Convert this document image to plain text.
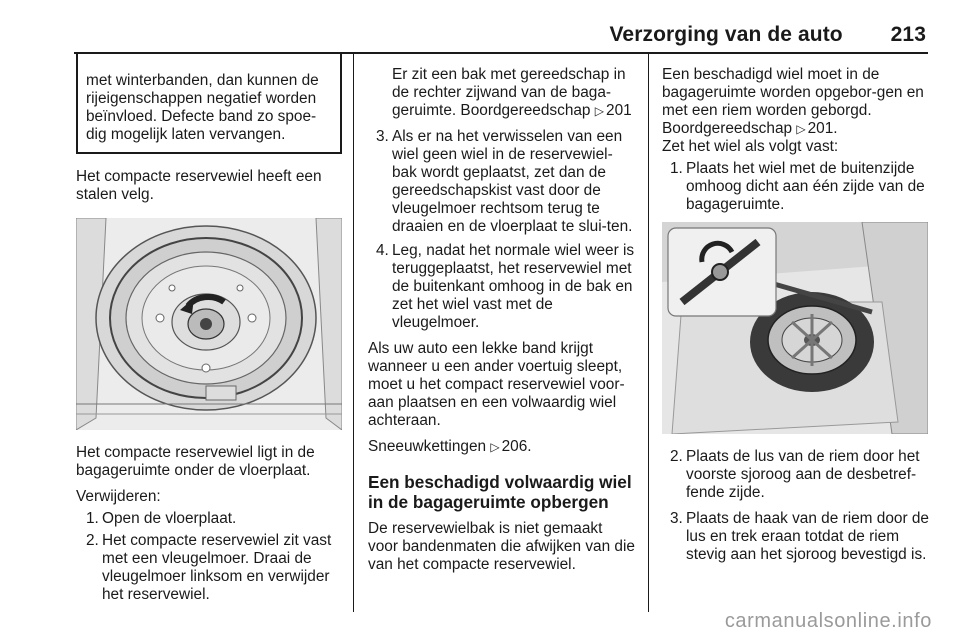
Verzorging van de auto 213
met winterbanden, dan kunnen de rijeigenschappen negatief worden beïnvloed. Defecte band zo spoe-dig mogelijk laten vervangen.

Het compacte reservewiel heeft een stalen velg.

Het compacte reservewiel ligt in de bagageruimte onder de vloerplaat.

Verwijderen:

1. Open de vloerplaat.
2. Het compacte reservewiel zit vast met een vleugelmoer. Draai de vleugelmoer linksom en verwijder het reservewiel.

Er zit een bak met gereedschap in de rechter zijwand van de baga-geruimte. Boordgereedschap ▷ 201

3. Als er na het verwisselen van een wiel geen wiel in de reservewiel-bak wordt geplaatst, zet dan de gereedschapskist vast door de vleugelmoer rechtsom terug te draaien en de vloerplaat te slui-ten.
4. Leg, nadat het normale wiel weer is teruggeplaatst, het reservewiel met de buitenkant omhoog in de bak en zet het wiel vast met de vleugelmoer.

Als uw auto een lekke band krijgt wanneer u een ander voertuig sleept, moet u het compact reservewiel voor-aan plaatsen en een volwaardig wiel achteraan.

Sneeuwkettingen ▷ 206.

Een beschadigd volwaardig wiel in de bagageruimte opbergen

De reservewielbak is niet gemaakt voor bandenmaten die afwijken van die van het compacte reservewiel.

Een beschadigd wiel moet in de bagageruimte worden opgebor-gen en met een riem worden geborgd. Boordgereedschap ▷ 201.

Zet het wiel als volgt vast:

1. Plaats het wiel met de buitenzijde omhoog dicht aan één zijde van de bagageruimte.
2. Plaats de lus van de riem door het voorste sjoroog aan de desbetref-fende zijde.
3. Plaats de haak van de riem door de lus en trek eraan totdat de riem stevig aan het sjoroog bevestigd is.
carmanualsonline.info
